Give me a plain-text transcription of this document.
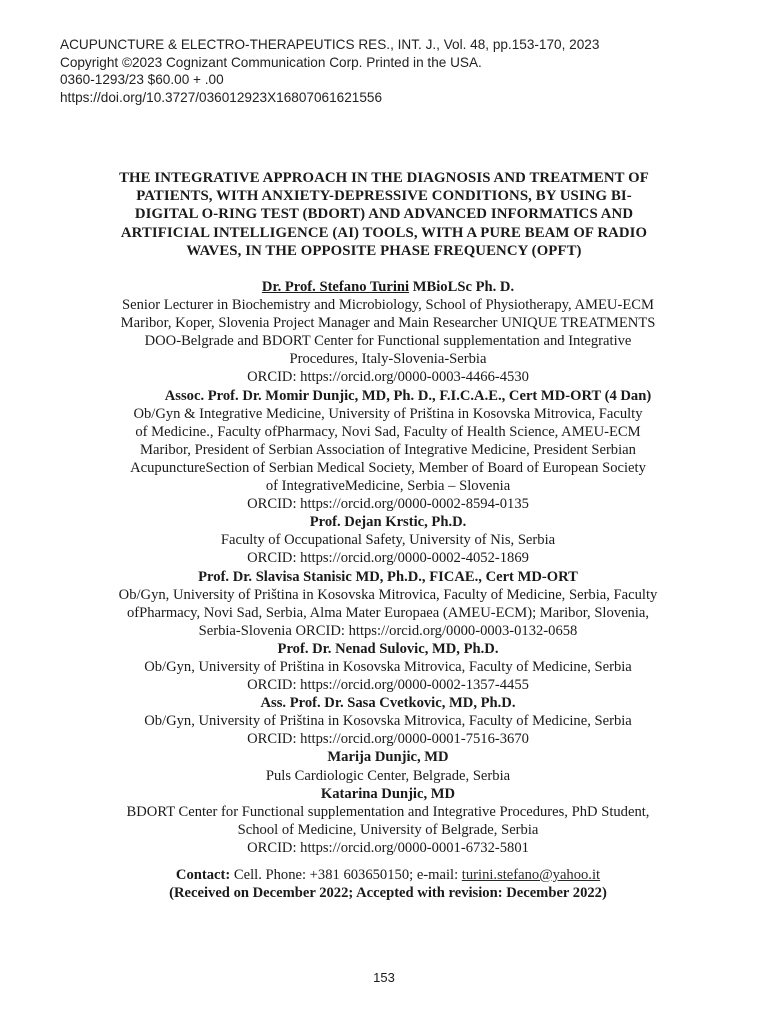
ACUPUNCTURE & ELECTRO-THERAPEUTICS RES., INT. J., Vol. 48, pp.153-170, 2023
Copyright ©2023 Cognizant Communication Corp. Printed in the USA.
0360-1293/23 $60.00 + .00
https://doi.org/10.3727/036012923X16807061621556
THE INTEGRATIVE APPROACH IN THE DIAGNOSIS AND TREATMENT OF
PATIENTS, WITH ANXIETY-DEPRESSIVE CONDITIONS, BY USING BI-
DIGITAL O-RING TEST (BDORT) AND ADVANCED INFORMATICS AND
ARTIFICIAL INTELLIGENCE (AI) TOOLS, WITH A PURE BEAM OF RADIO
WAVES, IN THE OPPOSITE PHASE FREQUENCY (OPFT)
Dr. Prof. Stefano Turini MBioLSc Ph. D.
Senior Lecturer in Biochemistry and Microbiology, School of Physiotherapy, AMEU-ECM
Maribor, Koper, Slovenia Project Manager and Main Researcher UNIQUE TREATMENTS
DOO-Belgrade and BDORT Center for Functional supplementation and Integrative
Procedures, Italy-Slovenia-Serbia
ORCID: https://orcid.org/0000-0003-4466-4530
Assoc. Prof. Dr. Momir Dunjic, MD, Ph. D., F.I.C.A.E., Cert MD-ORT (4 Dan)
Ob/Gyn & Integrative Medicine, University of Priština in Kosovska Mitrovica, Faculty
of Medicine., Faculty ofPharmacy, Novi Sad, Faculty of Health Science, AMEU-ECM
Maribor, President of Serbian Association of Integrative Medicine, President Serbian
AcupunctureSection of Serbian Medical Society, Member of Board of European Society
of IntegrativeMedicine, Serbia – Slovenia
ORCID: https://orcid.org/0000-0002-8594-0135
Prof. Dejan Krstic, Ph.D.
Faculty of Occupational Safety, University of Nis, Serbia
ORCID: https://orcid.org/0000-0002-4052-1869
Prof. Dr. Slavisa Stanisic MD, Ph.D., FICAE., Cert MD-ORT
Ob/Gyn, University of Priština in Kosovska Mitrovica, Faculty of Medicine, Serbia, Faculty
ofPharmacy, Novi Sad, Serbia, Alma Mater Europaea (AMEU-ECM); Maribor, Slovenia,
Serbia-Slovenia ORCID: https://orcid.org/0000-0003-0132-0658
Prof. Dr. Nenad Sulovic, MD, Ph.D.
Ob/Gyn, University of Priština in Kosovska Mitrovica, Faculty of Medicine, Serbia
ORCID: https://orcid.org/0000-0002-1357-4455
Ass. Prof. Dr. Sasa Cvetkovic, MD, Ph.D.
Ob/Gyn, University of Priština in Kosovska Mitrovica, Faculty of Medicine, Serbia
ORCID: https://orcid.org/0000-0001-7516-3670
Marija Dunjic, MD
Puls Cardiologic Center, Belgrade, Serbia
Katarina Dunjic, MD
BDORT Center for Functional supplementation and Integrative Procedures, PhD Student,
School of Medicine, University of Belgrade, Serbia
ORCID: https://orcid.org/0000-0001-6732-5801
Contact: Cell. Phone: +381 603650150; e-mail: turini.stefano@yahoo.it
(Received on December 2022; Accepted with revision: December 2022)
153
